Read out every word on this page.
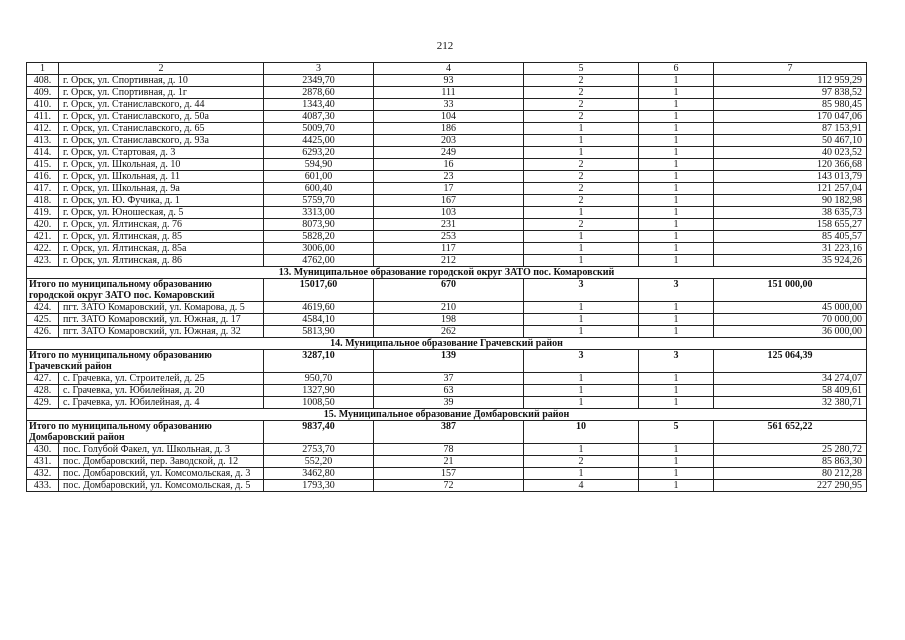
212
1	2	3	4	5	6	7
408.	г. Орск, ул. Спортивная, д. 10	2349,70	93	2	1	112 959,29
409.	г. Орск, ул. Спортивная, д. 1г	2878,60	111	2	1	97 838,52
410.	г. Орск, ул. Станиславского, д. 44	1343,40	33	2	1	85 980,45
411.	г. Орск, ул. Станиславского, д. 50а	4087,30	104	2	1	170 047,06
412.	г. Орск, ул. Станиславского, д. 65	5009,70	186	1	1	87 153,91
413.	г. Орск, ул. Станиславского, д. 93а	4425,00	203	1	1	50 467,10
414.	г. Орск, ул. Стартовая, д. 3	6293,20	249	1	1	40 023,52
415.	г. Орск, ул. Школьная, д. 10	594,90	16	2	1	120 366,68
416.	г. Орск, ул. Школьная, д. 11	601,00	23	2	1	143 013,79
417.	г. Орск, ул. Школьная, д. 9а	600,40	17	2	1	121 257,04
418.	г. Орск, ул. Ю. Фучика, д. 1	5759,70	167	2	1	90 182,98
419.	г. Орск, ул. Юношеская, д. 5	3313,00	103	1	1	38 635,73
420.	г. Орск, ул. Ялтинская, д. 76	8073,90	231	2	1	158 655,27
421.	г. Орск, ул. Ялтинская, д. 85	5828,20	253	1	1	85 405,57
422.	г. Орск, ул. Ялтинская, д. 85а	3006,00	117	1	1	31 223,16
423.	г. Орск, ул. Ялтинская, д. 86	4762,00	212	1	1	35 924,26
13. Муниципальное образование городской округ ЗАТО пос. Комаровский						
Итого по муниципальному образованию городской округ ЗАТО пос. Комаровский		15017,60	670	3	3	151 000,00
424.	пгт. ЗАТО Комаровский, ул. Комарова, д. 5	4619,60	210	1	1	45 000,00
425.	пгт. ЗАТО Комаровский, ул. Южная, д. 17	4584,10	198	1	1	70 000,00
426.	пгт. ЗАТО Комаровский, ул. Южная, д. 32	5813,90	262	1	1	36 000,00
14. Муниципальное образование Грачевский район						
Итого по муниципальному образованию Грачевский район		3287,10	139	3	3	125 064,39
427.	с. Грачевка, ул. Строителей, д. 25	950,70	37	1	1	34 274,07
428.	с. Грачевка, ул. Юбилейная, д. 20	1327,90	63	1	1	58 409,61
429.	с. Грачевка, ул. Юбилейная, д. 4	1008,50	39	1	1	32 380,71
15. Муниципальное образование Домбаровский район						
Итого по муниципальному образованию Домбаровский район		9837,40	387	10	5	561 652,22
430.	пос. Голубой Факел, ул. Школьная, д. 3	2753,70	78	1	1	25 280,72
431.	пос. Домбаровский, пер. Заводской, д. 12	552,20	21	2	1	85 863,30
432.	пос. Домбаровский, ул. Комсомольская, д. 3	3462,80	157	1	1	80 212,28
433.	пос. Домбаровский, ул. Комсомольская, д. 5	1793,30	72	4	1	227 290,95
